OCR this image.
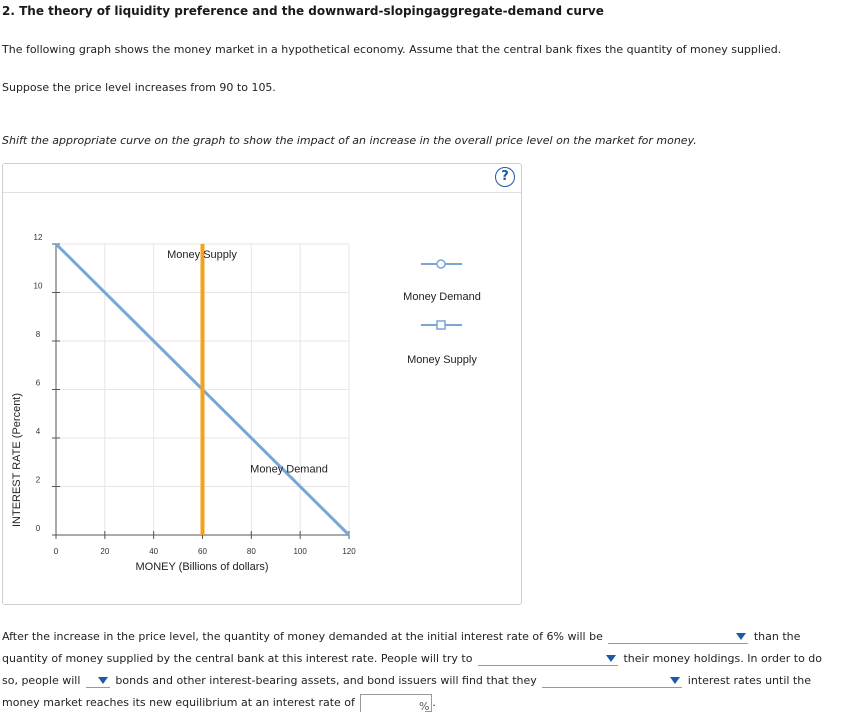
2. The theory of liquidity preference and the downward-slopingaggregate-demand curve
The following graph shows the money market in a hypothetical economy. Assume that the central bank fixes the quantity of money supplied.
Suppose the price level increases from 90 to 105.
Shift the appropriate curve on the graph to show the impact of an increase in the overall price level on the market for money.
?
0	20	40	60	80	100	120
0
2
4
6
8
10
12
Money Supply
Money Demand
INTEREST RATE (Percent)
MONEY (Billions of dollars)
Money Demand
Money Supply
After the increase in the price level, the quantity of money demanded at the initial interest rate of 6% will be	than the quantity of money supplied by the central bank at this interest rate. People will try to	their money holdings. In order to do so, people will	bonds and other interest-bearing assets, and bond issuers will find that they	interest rates until the money market reaches its new equilibrium at an interest rate of	% .
